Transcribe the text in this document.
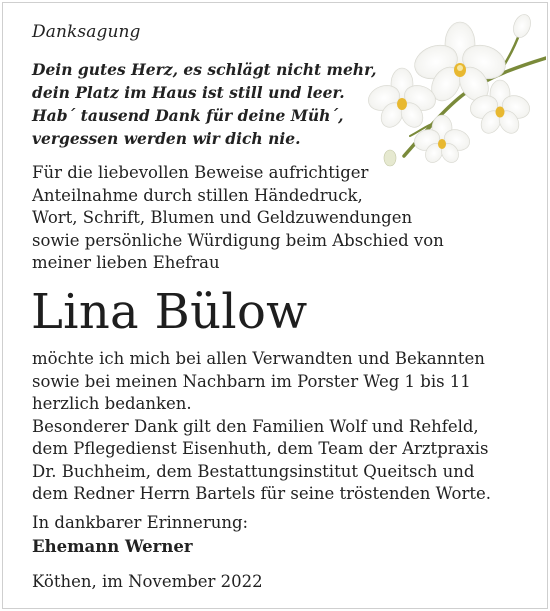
Danksagung
Dein gutes Herz, es schlägt nicht mehr,
dein Platz im Haus ist still und leer.
Hab´ tausend Dank für deine Müh´,
vergessen werden wir dich nie.
Für die liebevollen Beweise aufrichtiger
Anteilnahme durch stillen Händedruck,
Wort, Schrift, Blumen und Geldzuwendungen
sowie persönliche Würdigung beim Abschied von
meiner lieben Ehefrau
Lina Bülow
möchte ich mich bei allen Verwandten und Bekannten
sowie bei meinen Nachbarn im Porster Weg 1 bis 11
herzlich bedanken.
Besonderer Dank gilt den Familien Wolf und Rehfeld,
dem Pflegedienst Eisenhuth, dem Team der Arztpraxis
Dr. Buchheim, dem Bestattungsinstitut Queitsch und
dem Redner Herrn Bartels für seine tröstenden Worte.
In dankbarer Erinnerung:
Ehemann Werner
Köthen, im November 2022
